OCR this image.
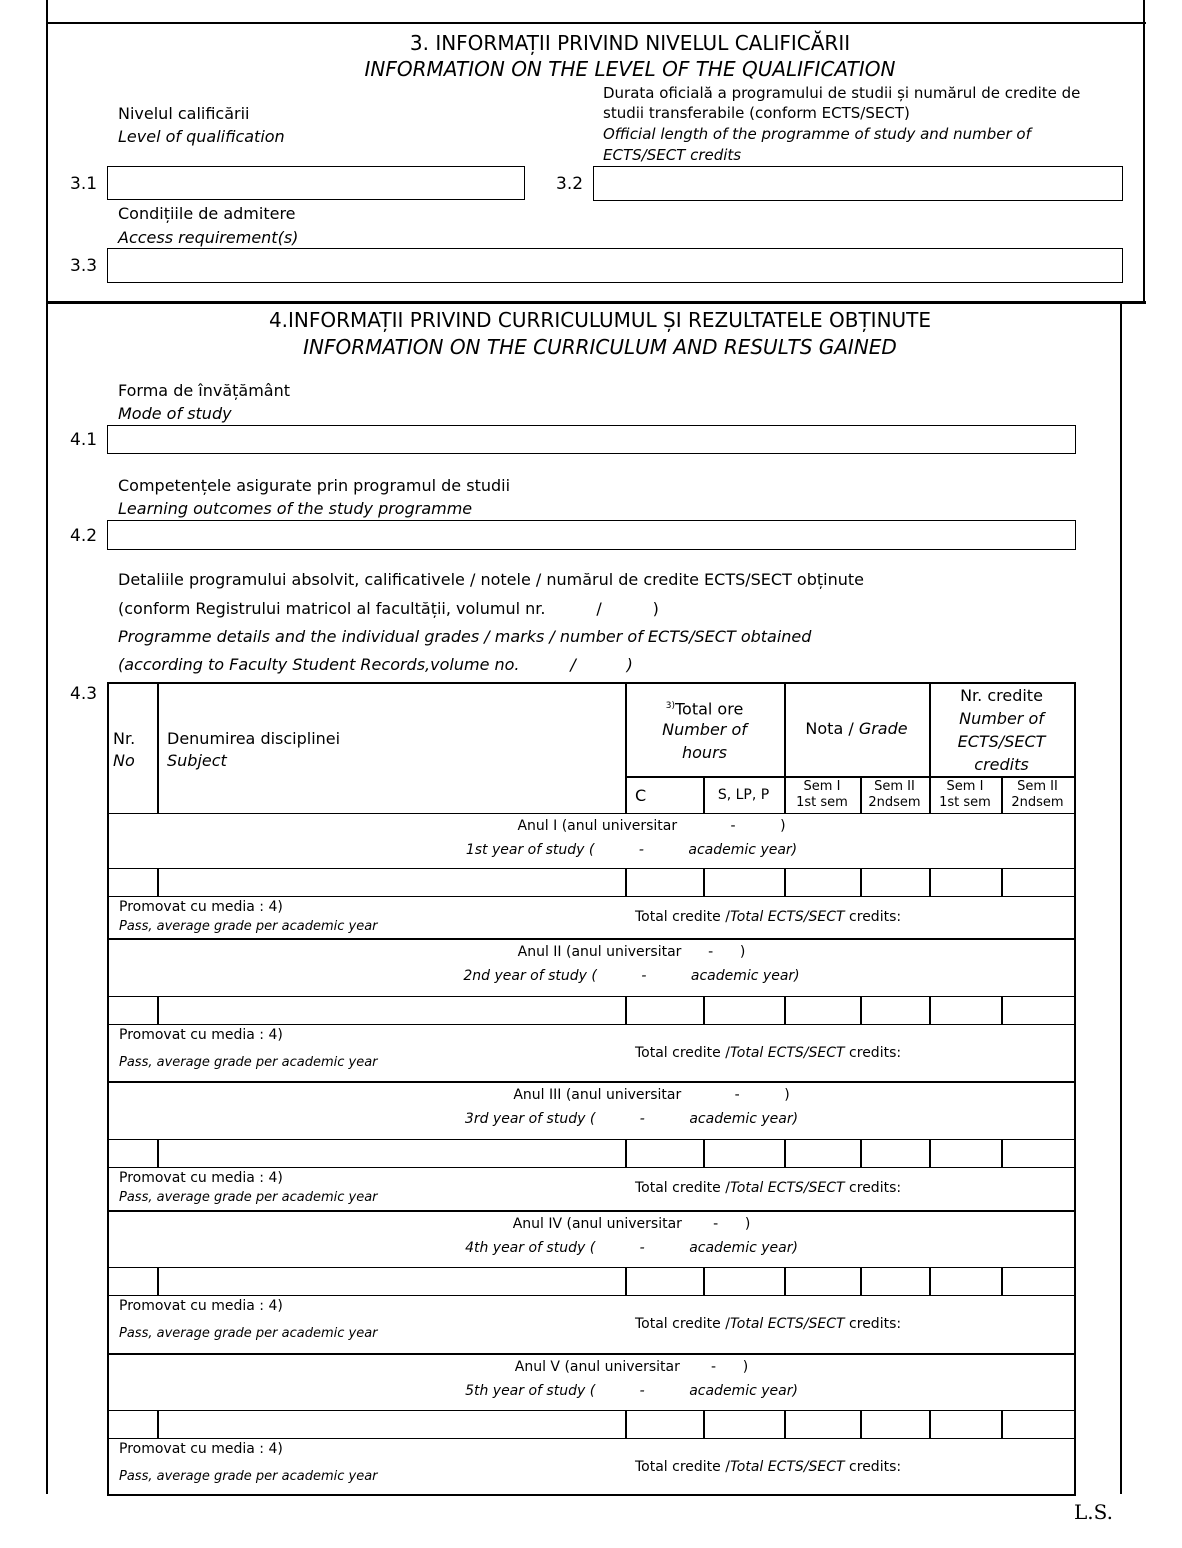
3. INFORMAȚII PRIVIND NIVELUL CALIFICĂRII
INFORMATION ON THE LEVEL OF THE QUALIFICATION
Nivelul calificării
Level of qualification
Durata oficială a programului de studii și numărul de credite de
studii transferabile (conform ECTS/SECT)
Official length of the programme of study and number of
ECTS/SECT credits
3.1	3.2
Condițiile de admitere
Access requirement(s)
3.3
4.INFORMAȚII PRIVIND CURRICULUMUL ȘI REZULTATELE OBȚINUTE
INFORMATION ON THE CURRICULUM AND RESULTS GAINED
Forma de învățământ
Mode of study
4.1
Competențele asigurate prin programul de studii
Learning outcomes of the study programme
4.2
Detaliile programului absolvit, calificativele / notele / numărul de credite ECTS/SECT obținute
(conform Registrului matricol al facultății, volumul nr.          /          )
Programme details and the individual grades / marks / number of ECTS/SECT obtained
(according to Faculty Student Records,volume no.          /          )
4.3
Nr.
No
Denumirea disciplinei
Subject
$^{3)}$Total ore
Number of
hours
C	S, LP, P
Nota / Grade
Sem I
1st sem
Sem II
2ndsem
Nr. credite
Number of
ECTS/SECT
credits
Sem I
1st sem
Sem II
2ndsem
Anul I (anul universitar            -          )
1st year of study (          -          academic year)
Promovat cu media : 4)
Pass, average grade per academic year
Total credite /Total ECTS/SECT credits:
Anul II (anul universitar      -      )
2nd year of study (          -          academic year)
Promovat cu media : 4)
Pass, average grade per academic year
Total credite /Total ECTS/SECT credits:
Anul III (anul universitar            -          )
3rd year of study (          -          academic year)
Promovat cu media : 4)
Pass, average grade per academic year
Total credite /Total ECTS/SECT credits:
Anul IV (anul universitar       -      )
4th year of study (          -          academic year)
Promovat cu media : 4)
Pass, average grade per academic year
Total credite /Total ECTS/SECT credits:
Anul V (anul universitar       -      )
5th year of study (          -          academic year)
Promovat cu media : 4)
Pass, average grade per academic year
Total credite /Total ECTS/SECT credits:
L.S.
